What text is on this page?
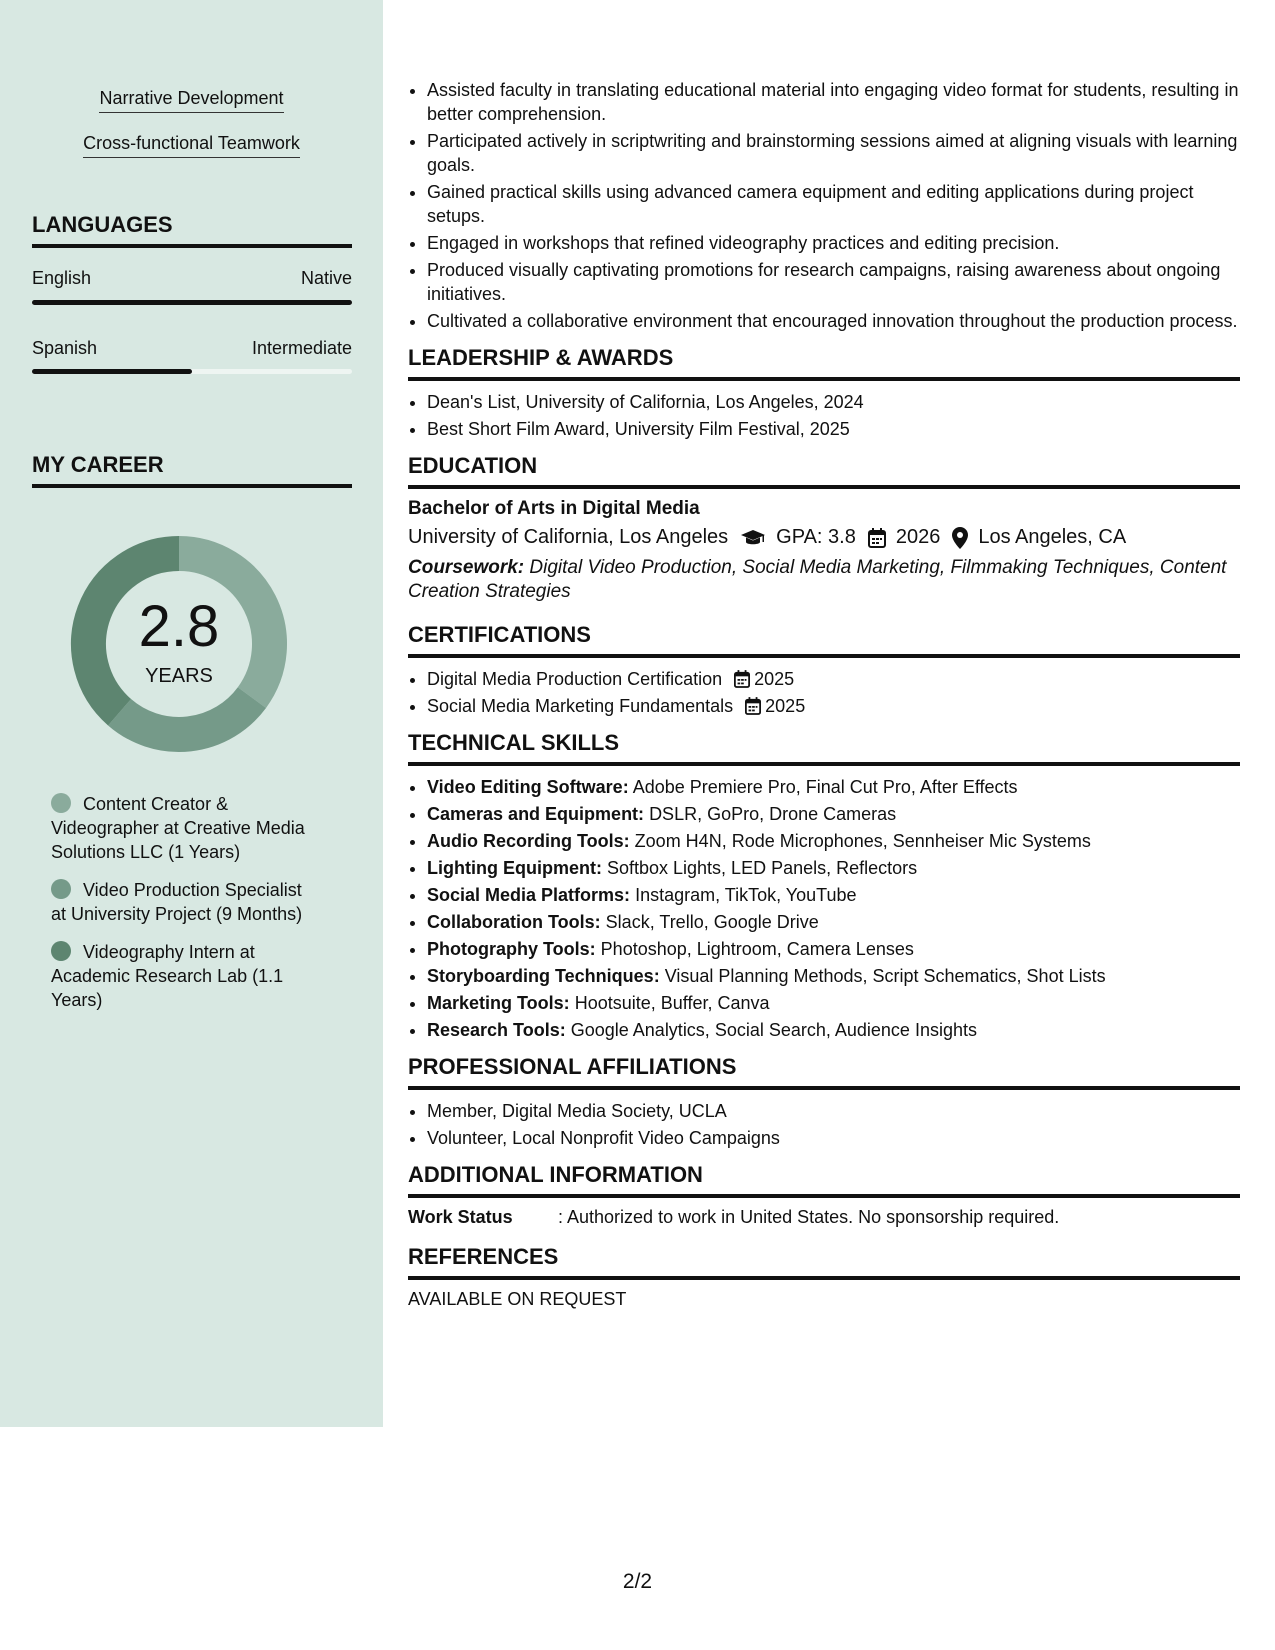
Narrative Development
Cross-functional Teamwork
LANGUAGES
English	Native
Spanish	Intermediate
MY CAREER
2.8
YEARS
Content Creator & Videographer at Creative Media Solutions LLC (1 Years)
Video Production Specialist at University Project (9 Months)
Videography Intern at Academic Research Lab (1.1 Years)
• Assisted faculty in translating educational material into engaging video format for students, resulting in better comprehension.
• Participated actively in scriptwriting and brainstorming sessions aimed at aligning visuals with learning goals.
• Gained practical skills using advanced camera equipment and editing applications during project setups.
• Engaged in workshops that refined videography practices and editing precision.
• Produced visually captivating promotions for research campaigns, raising awareness about ongoing initiatives.
• Cultivated a collaborative environment that encouraged innovation throughout the production process.
LEADERSHIP & AWARDS
• Dean's List, University of California, Los Angeles, 2024
• Best Short Film Award, University Film Festival, 2025
EDUCATION
Bachelor of Arts in Digital Media
University of California, Los Angeles GPA: 3.8 2026 Los Angeles, CA
Coursework: Digital Video Production, Social Media Marketing, Filmmaking Techniques, Content Creation Strategies
CERTIFICATIONS
• Digital Media Production Certification 2025
• Social Media Marketing Fundamentals 2025
TECHNICAL SKILLS
• Video Editing Software: Adobe Premiere Pro, Final Cut Pro, After Effects
• Cameras and Equipment: DSLR, GoPro, Drone Cameras
• Audio Recording Tools: Zoom H4N, Rode Microphones, Sennheiser Mic Systems
• Lighting Equipment: Softbox Lights, LED Panels, Reflectors
• Social Media Platforms: Instagram, TikTok, YouTube
• Collaboration Tools: Slack, Trello, Google Drive
• Photography Tools: Photoshop, Lightroom, Camera Lenses
• Storyboarding Techniques: Visual Planning Methods, Script Schematics, Shot Lists
• Marketing Tools: Hootsuite, Buffer, Canva
• Research Tools: Google Analytics, Social Search, Audience Insights
PROFESSIONAL AFFILIATIONS
• Member, Digital Media Society, UCLA
• Volunteer, Local Nonprofit Video Campaigns
ADDITIONAL INFORMATION
Work Status	: Authorized to work in United States. No sponsorship required.
REFERENCES
AVAILABLE ON REQUEST
2/2
